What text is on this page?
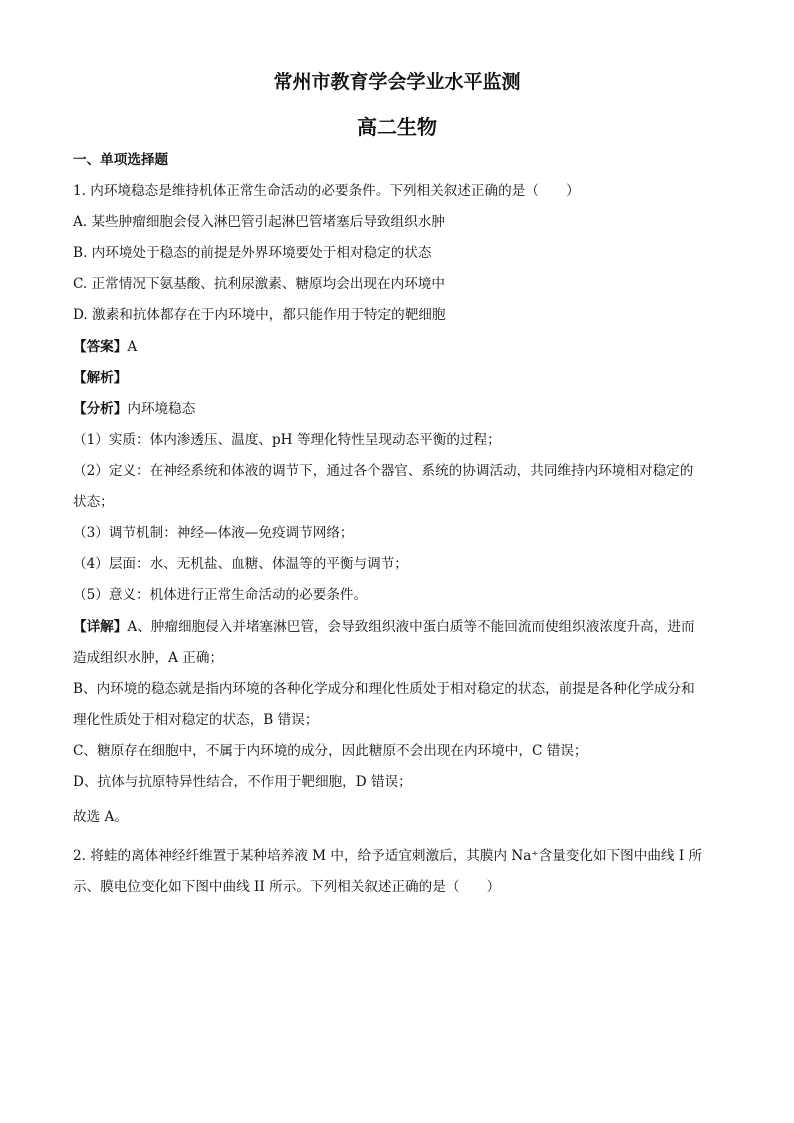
常州市教育学会学业水平监测
高二生物
一、单项选择题
1. 内环境稳态是维持机体正常生命活动的必要条件。下列相关叙述正确的是（　　）
A. 某些肿瘤细胞会侵入淋巴管引起淋巴管堵塞后导致组织水肿
B. 内环境处于稳态的前提是外界环境要处于相对稳定的状态
C. 正常情况下氨基酸、抗利尿激素、糖原均会出现在内环境中
D. 激素和抗体都存在于内环境中，都只能作用于特定的靶细胞
【答案】A
【解析】
【分析】内环境稳态
（1）实质：体内渗透压、温度、pH 等理化特性呈现动态平衡的过程；
（2）定义：在神经系统和体液的调节下，通过各个器官、系统的协调活动，共同维持内环境相对稳定的
状态；
（3）调节机制：神经—体液—免疫调节网络；
（4）层面：水、无机盐、血糖、体温等的平衡与调节；
（5）意义：机体进行正常生命活动的必要条件。
【详解】A、肿瘤细胞侵入并堵塞淋巴管，会导致组织液中蛋白质等不能回流而使组织液浓度升高，进而
造成组织水肿，A 正确；
B、内环境的稳态就是指内环境的各种化学成分和理化性质处于相对稳定的状态，前提是各种化学成分和
理化性质处于相对稳定的状态，B 错误；
C、糖原存在细胞中，不属于内环境的成分，因此糖原不会出现在内环境中，C 错误；
D、抗体与抗原特异性结合，不作用于靶细胞，D 错误；
故选 A。
2. 将蛙的离体神经纤维置于某种培养液 M 中，给予适宜刺激后，其膜内 Na⁺含量变化如下图中曲线 I 所
示、膜电位变化如下图中曲线 II 所示。下列相关叙述正确的是（　　）
